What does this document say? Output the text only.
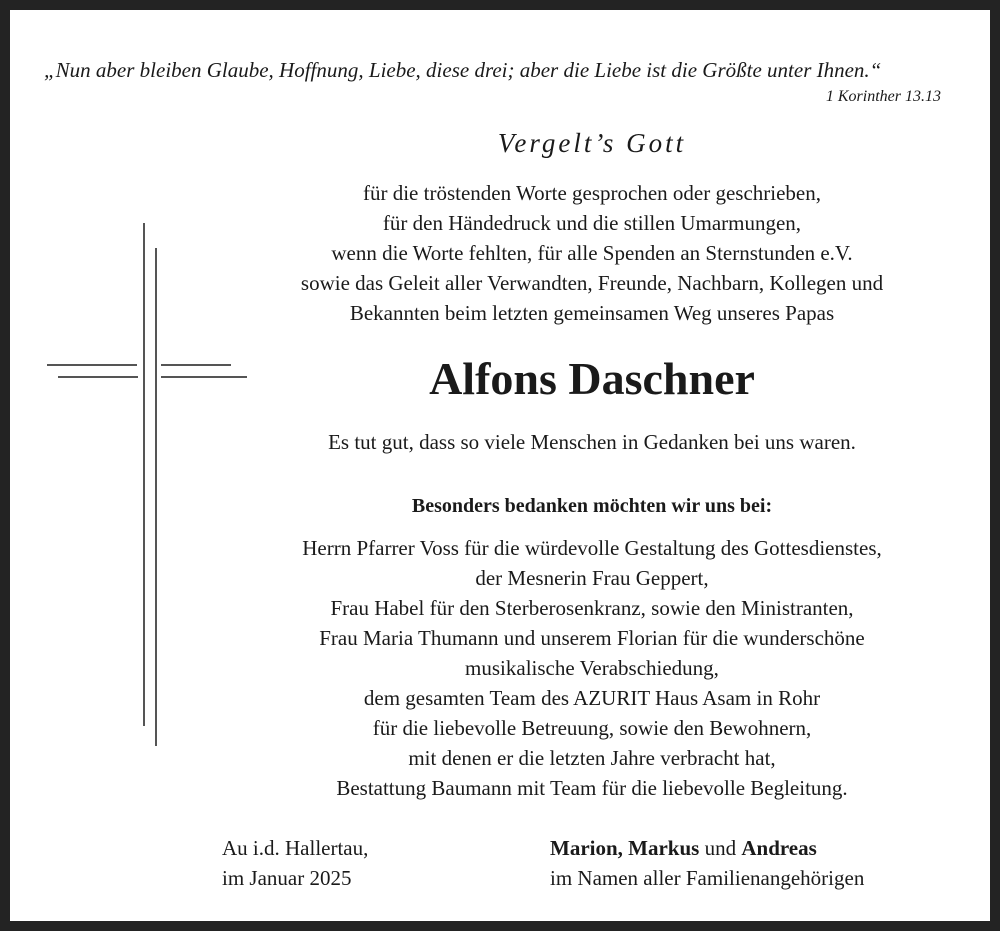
„Nun aber bleiben Glaube, Hoffnung, Liebe, diese drei; aber die Liebe ist die Größte unter Ihnen.“
1 Korinther 13.13
Vergelt’s Gott
für die tröstenden Worte gesprochen oder geschrieben,
für den Händedruck und die stillen Umarmungen,
wenn die Worte fehlten, für alle Spenden an Sternstunden e.V.
sowie das Geleit aller Verwandten, Freunde, Nachbarn, Kollegen und
Bekannten beim letzten gemeinsamen Weg unseres Papas
Alfons Daschner
Es tut gut, dass so viele Menschen in Gedanken bei uns waren.
Besonders bedanken möchten wir uns bei:
Herrn Pfarrer Voss für die würdevolle Gestaltung des Gottesdienstes,
der Mesnerin Frau Geppert,
Frau Habel für den Sterberosenkranz, sowie den Ministranten,
Frau Maria Thumann und unserem Florian für die wunderschöne
musikalische Verabschiedung,
dem gesamten Team des AZURIT Haus Asam in Rohr
für die liebevolle Betreuung, sowie den Bewohnern,
mit denen er die letzten Jahre verbracht hat,
Bestattung Baumann mit Team für die liebevolle Begleitung.
Au i.d. Hallertau,
im Januar 2025
Marion, Markus und Andreas
im Namen aller Familienangehörigen
